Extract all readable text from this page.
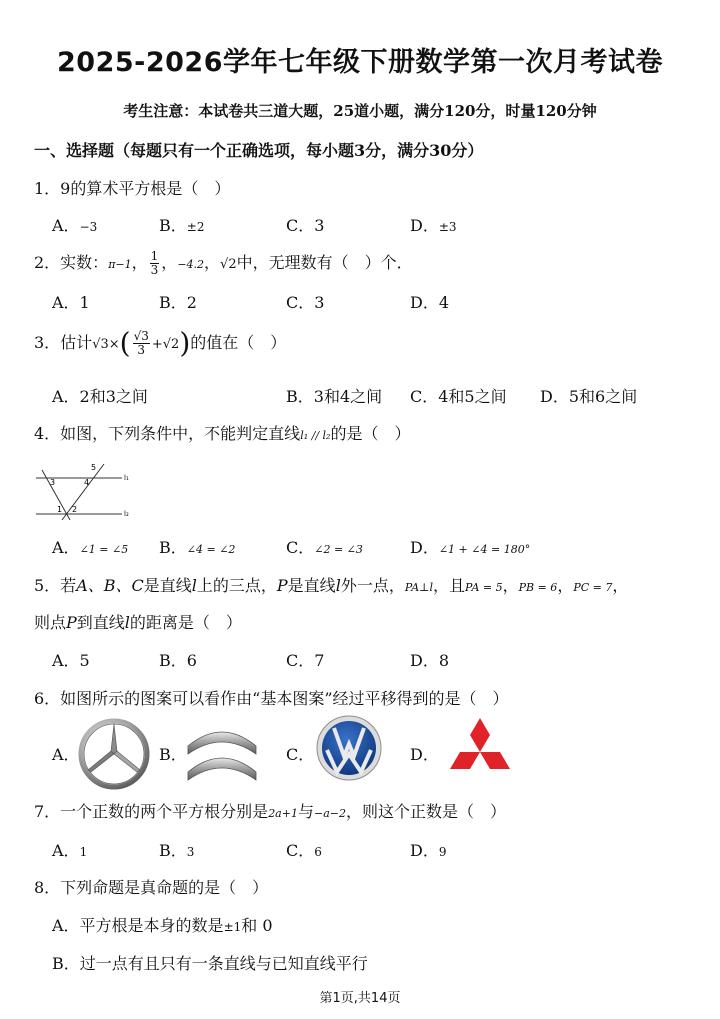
2025-2026学年七年级下册数学第一次月考试卷
考生注意：本试卷共三道大题，25道小题，满分120分，时量120分钟
一、选择题（每题只有一个正确选项，每小题3分，满分30分）
1．9的算术平方根是（　）
A．−3	B．±2	C．3	D．±3
2．实数：π−1， $\frac{1}{3}$ ，−4.2，√2中，无理数有（　）个．
A．1	B．2	C．3	D．4
3．估计$√3\times( \frac{√3}{3} +√2)$的值在（　）
A．2和3之间	B．3和4之间 C．4和5之间 D．5和6之间
4．如图，下列条件中，不能判定直线l₁ // l₂的是（　）
l₁
l₂
5
4
3
1 2
A．∠1 = ∠5 B．∠4 = ∠2	C．∠2 = ∠3	D．∠1 + ∠4 = 180°
5．若A、B、C是直线l上的三点，P是直线l外一点，PA⊥l，且PA = 5，PB = 6，PC = 7，
则点P到直线l的距离是（　）
A．5	B．6	C．7	D．8
6．如图所示的图案可以看作由“基本图案”经过平移得到的是（　）
A．	B．	C．	D．
7．一个正数的两个平方根分别是2a+1与−a−2，则这个正数是（　）
A．1	B．3	C．6	D．9
8．下列命题是真命题的是（　）
A．平方根是本身的数是±1和 0
B．过一点有且只有一条直线与已知直线平行
第1页,共14页
